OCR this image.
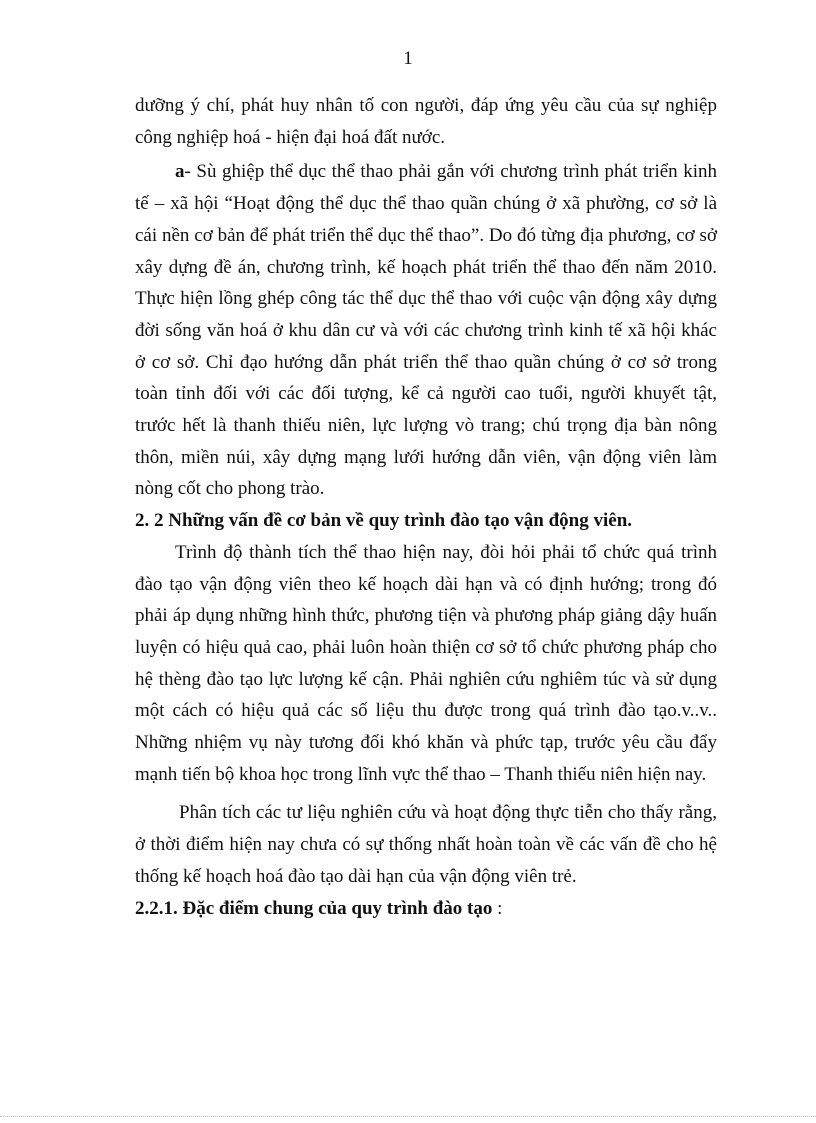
1

dưỡng ý chí, phát huy nhân tố con người, đáp ứng yêu cầu của sự nghiệp công nghiệp hoá - hiện đại hoá đất nước.

a- Sù ghiệp thể dục thể thao phải gắn với chương trình phát triển kinh tế – xã hội “Hoạt động thể dục thể thao quần chúng ở xã phường, cơ sở là cái nền cơ bản để phát triển thể dục thể thao”. Do đó từng địa phương, cơ sở xây dựng đề án, chương trình, kế hoạch phát triển thể thao đến năm 2010. Thực hiện lồng ghép công tác thể dục thể thao với cuộc vận động xây dựng đời sống văn hoá ở khu dân cư và với các chương trình kinh tế xã hội khác ở cơ sở. Chỉ đạo hướng dẫn phát triển thể thao quần chúng ở cơ sở trong toàn tỉnh đối với các đối tượng, kể cả người cao tuổi, người khuyết tật, trước hết là thanh thiếu niên, lực lượng vò trang; chú trọng địa bàn nông thôn, miền núi, xây dựng mạng lưới hướng dẫn viên, vận động viên làm nòng cốt cho phong trào.

2. 2 Những vấn đề cơ bản về quy trình đào tạo vận động viên.

Trình độ thành tích thể thao hiện nay, đòi hỏi phải tổ chức quá trình đào tạo vận động viên theo kế hoạch dài hạn và có định hướng; trong đó phải áp dụng những hình thức, phương tiện và phương pháp giảng dậy huấn luyện có hiệu quả cao, phải luôn hoàn thiện cơ sở tổ chức phương pháp cho hệ thèng đào tạo lực lượng kế cận. Phải nghiên cứu nghiêm túc và sử dụng một cách có hiệu quả các số liệu thu được trong quá trình đào tạo.v..v.. Những nhiệm vụ này tương đối khó khăn và phức tạp, trước yêu cầu đẩy mạnh tiến bộ khoa học trong lĩnh vực thể thao – Thanh thiếu niên hiện nay.

Phân tích các tư liệu nghiên cứu và hoạt động thực tiễn cho thấy rằng, ở thời điểm hiện nay chưa có sự thống nhất hoàn toàn về các vấn đề cho hệ thống kế hoạch hoá đào tạo dài hạn của vận động viên trẻ.

2.2.1. Đặc điểm chung của quy trình đào tạo :
